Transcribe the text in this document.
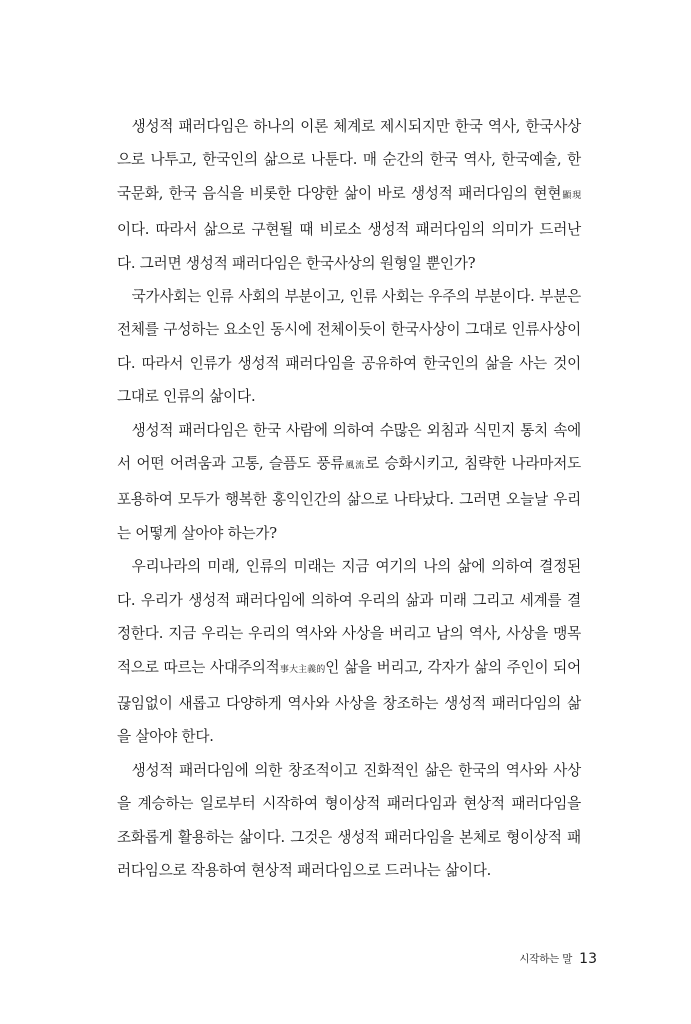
생성적 패러다임은 하나의 이론 체계로 제시되지만 한국 역사, 한국사상으로 나투고, 한국인의 삶으로 나툰다. 매 순간의 한국 역사, 한국예술, 한국문화, 한국 음식을 비롯한 다양한 삶이 바로 생성적 패러다임의 현현顯現이다. 따라서 삶으로 구현될 때 비로소 생성적 패러다임의 의미가 드러난다. 그러면 생성적 패러다임은 한국사상의 원형일 뿐인가?

국가사회는 인류 사회의 부분이고, 인류 사회는 우주의 부분이다. 부분은 전체를 구성하는 요소인 동시에 전체이듯이 한국사상이 그대로 인류사상이다. 따라서 인류가 생성적 패러다임을 공유하여 한국인의 삶을 사는 것이 그대로 인류의 삶이다.

생성적 패러다임은 한국 사람에 의하여 수많은 외침과 식민지 통치 속에서 어떤 어려움과 고통, 슬픔도 풍류風流로 승화시키고, 침략한 나라마저도 포용하여 모두가 행복한 홍익인간의 삶으로 나타났다. 그러면 오늘날 우리는 어떻게 살아야 하는가?

우리나라의 미래, 인류의 미래는 지금 여기의 나의 삶에 의하여 결정된다. 우리가 생성적 패러다임에 의하여 우리의 삶과 미래 그리고 세계를 결정한다. 지금 우리는 우리의 역사와 사상을 버리고 남의 역사, 사상을 맹목적으로 따르는 사대주의적事大主義的인 삶을 버리고, 각자가 삶의 주인이 되어 끊임없이 새롭고 다양하게 역사와 사상을 창조하는 생성적 패러다임의 삶을 살아야 한다.

생성적 패러다임에 의한 창조적이고 진화적인 삶은 한국의 역사와 사상을 계승하는 일로부터 시작하여 형이상적 패러다임과 현상적 패러다임을 조화롭게 활용하는 삶이다. 그것은 생성적 패러다임을 본체로 형이상적 패러다임으로 작용하여 현상적 패러다임으로 드러나는 삶이다.

시작하는 말 13
